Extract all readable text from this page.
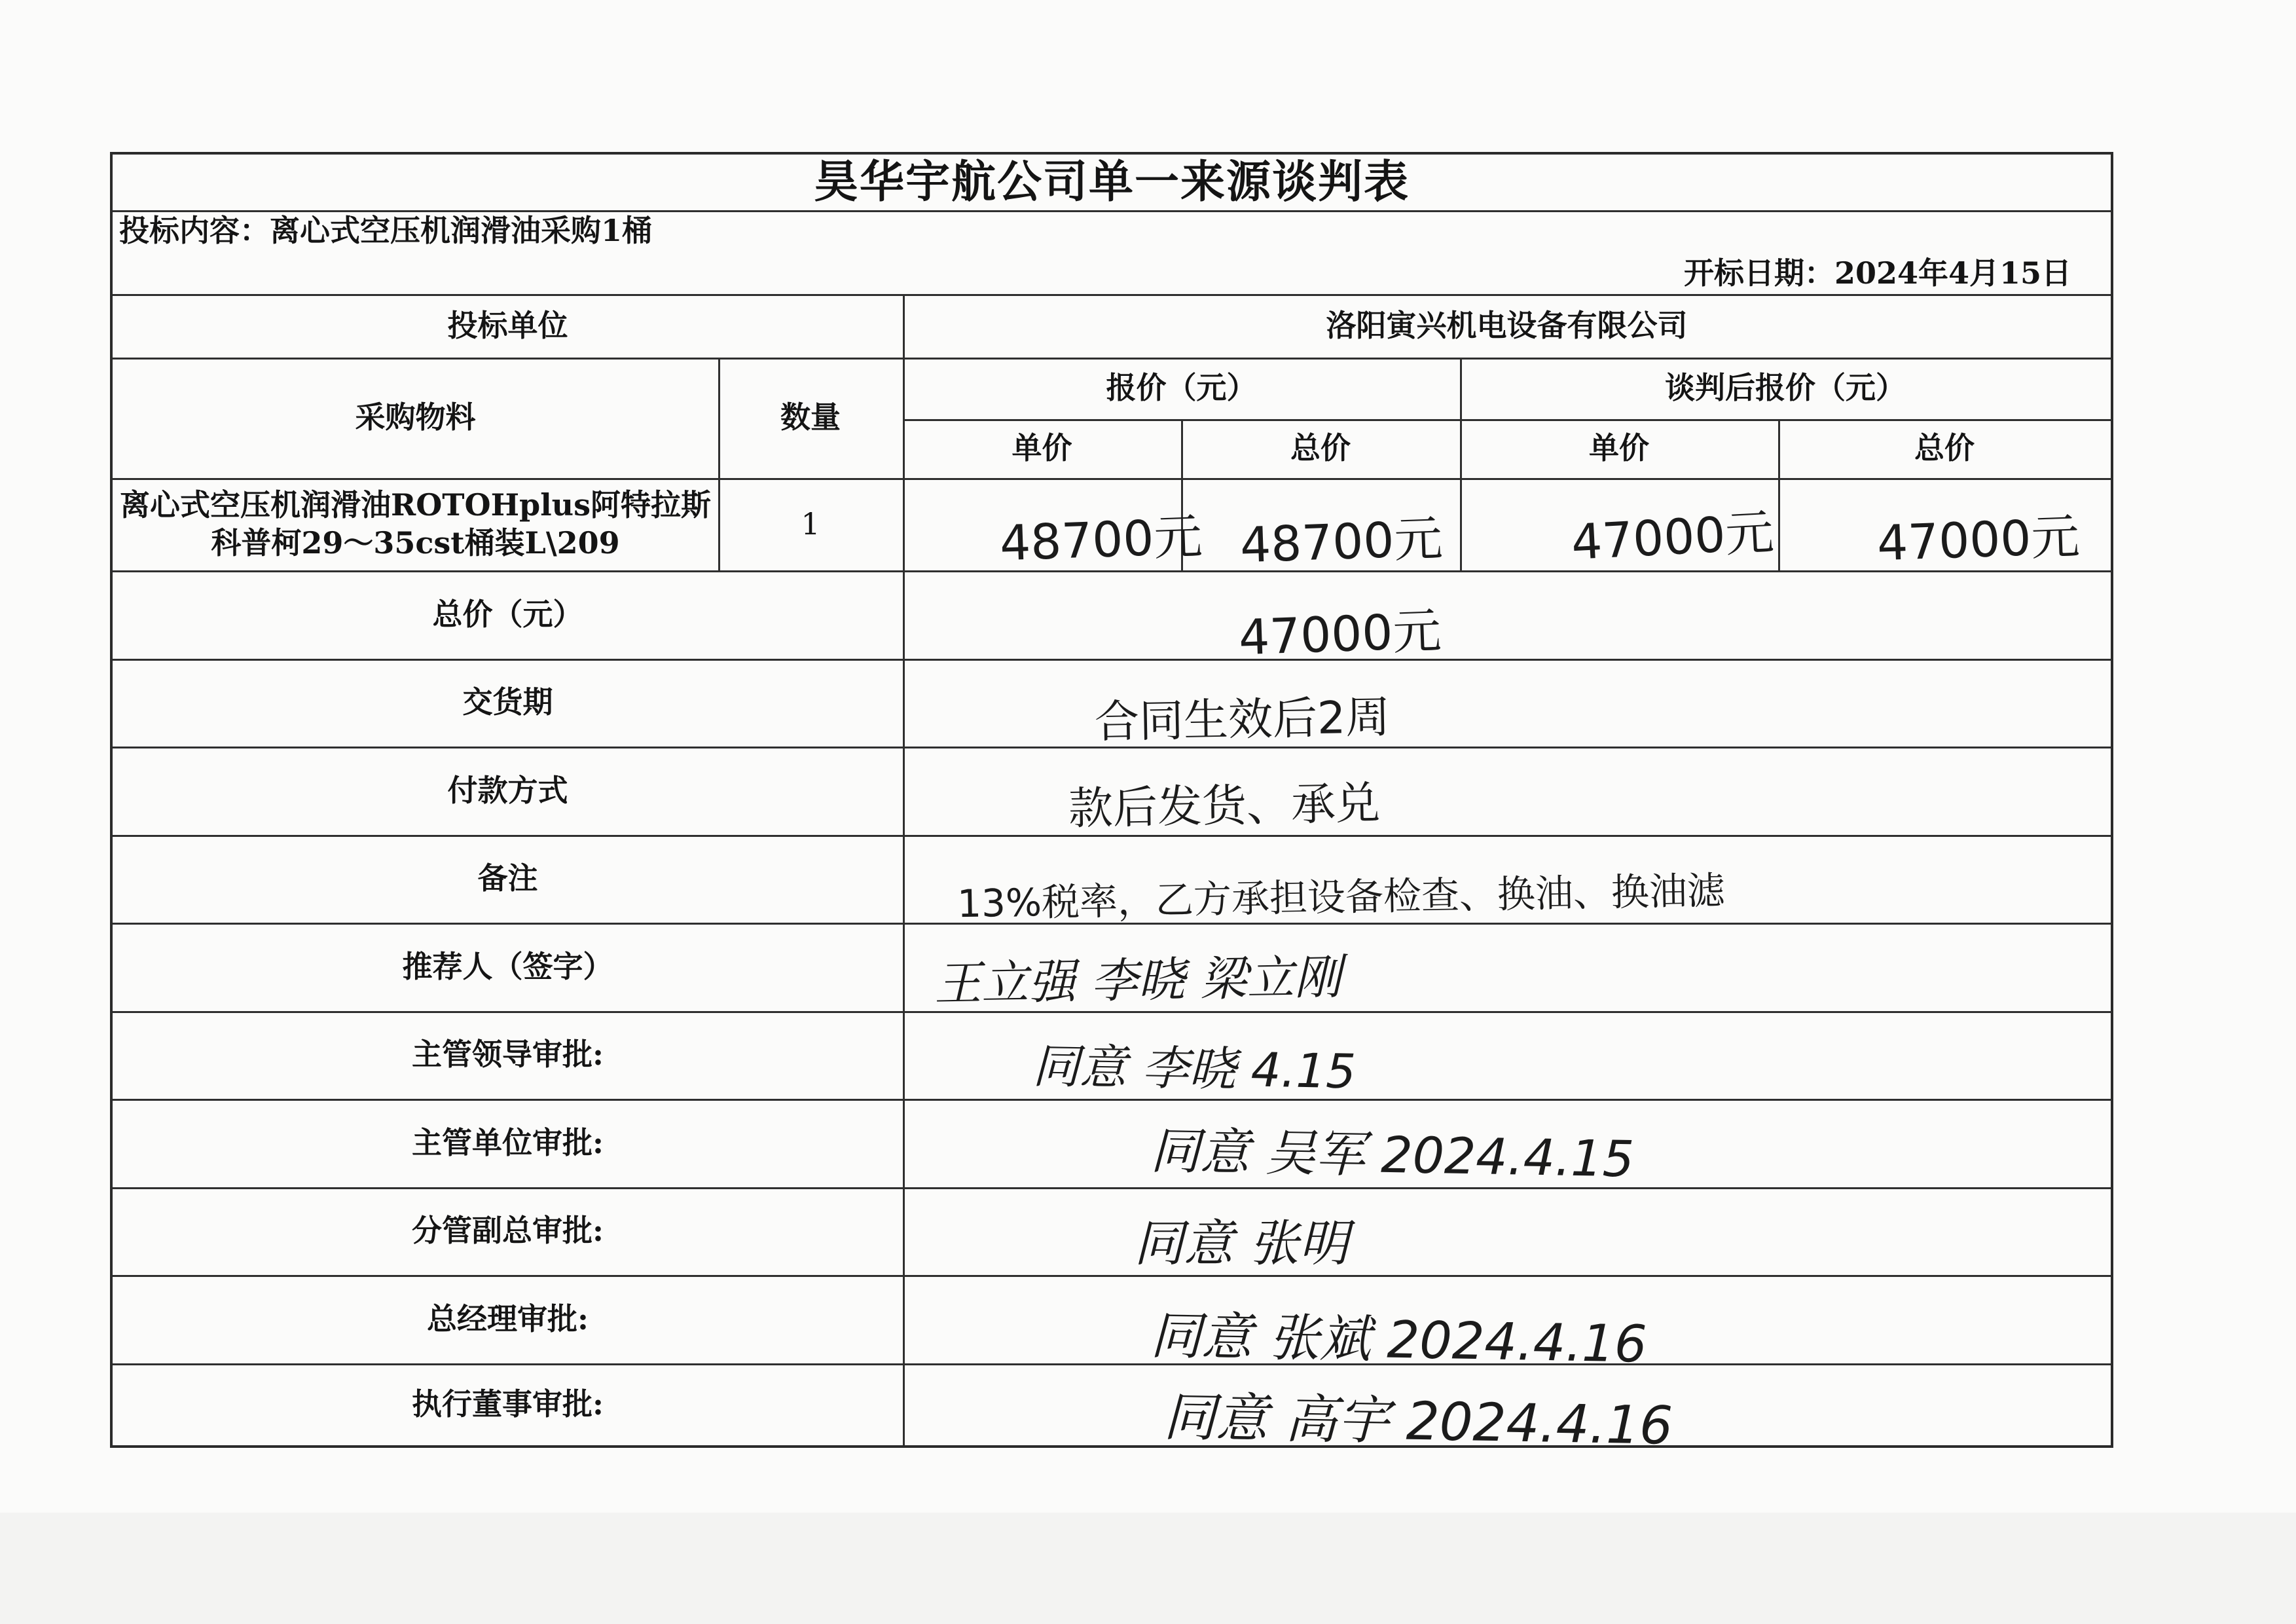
昊华宇航公司单一来源谈判表
投标内容：离心式空压机润滑油采购1桶
开标日期：2024年4月15日
投标单位	洛阳寅兴机电设备有限公司
采购物料	数量
报价（元）	谈判后报价（元）
单价	总价	单价	总价
离心式空压机润滑油ROTOHplus阿特拉斯
科普柯29～35cst桶装L\209
1	48700元 48700元	47000元 47000元
总价（元）	47000元
交货期	合同生效后2周
付款方式	款后发货、承兑
备注	13%税率，乙方承担设备检查、换油、换油滤
推荐人（签字）	王立强 李晓 梁立刚
主管领导审批:	同意 李晓 4.15
主管单位审批:	同意 吴军 2024.4.15
分管副总审批:	同意 张明
总经理审批:	同意 张斌 2024.4.16
执行董事审批:	同意 高宇 2024.4.16
